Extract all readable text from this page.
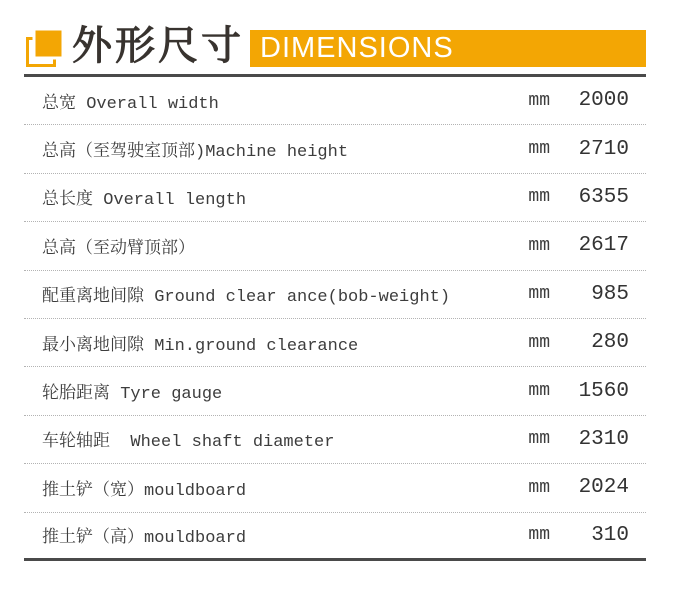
外形尺寸 DIMENSIONS
总宽 Overall width	mm	2000
总高（至驾驶室顶部)Machine height	mm	2710
总长度 Overall length	mm	6355
总高（至动臂顶部）	mm	2617
配重离地间隙 Ground clear ance(bob-weight)	mm	985
最小离地间隙 Min.ground clearance	mm	280
轮胎距离 Tyre gauge	mm	1560
车轮轴距  Wheel shaft diameter	mm	2310
推土铲（宽）mouldboard	mm	2024
推土铲（高）mouldboard	mm	310
